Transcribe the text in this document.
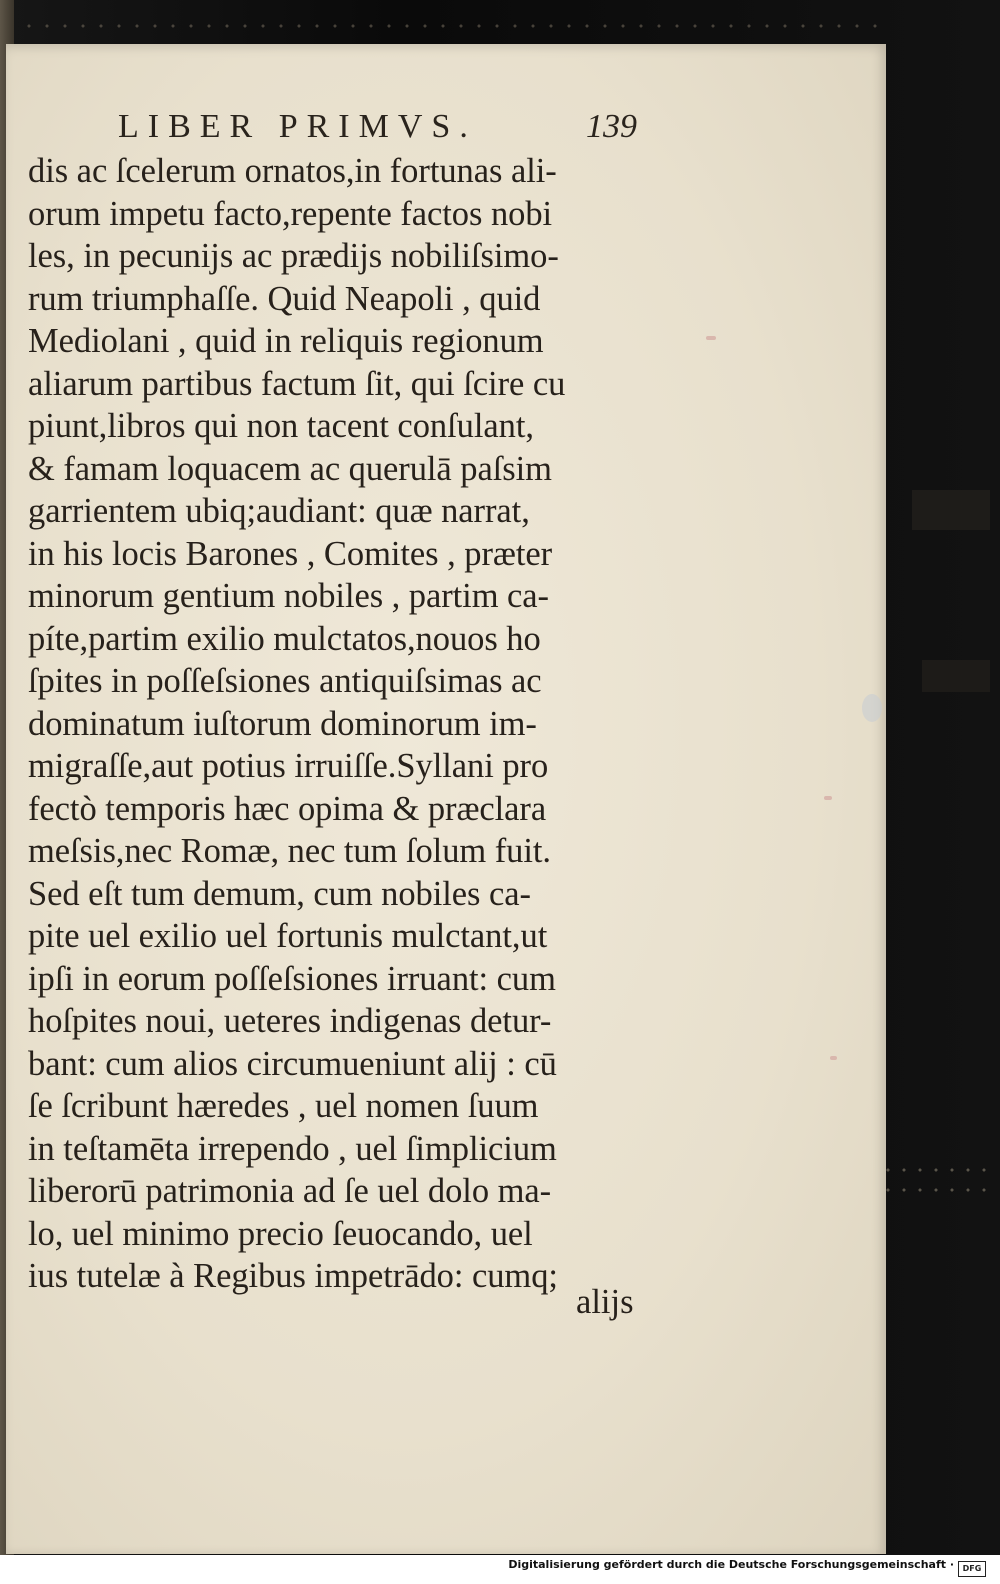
LIBER PRIMVS.	139
dis ac ſcelerum ornatos,in fortunas ali-
orum impetu facto,repente factos nobi
les, in pecunijs ac prædijs nobiliſsimo-
rum triumphaſſe. Quid Neapoli , quid
Mediolani , quid in reliquis regionum
aliarum partibus factum ſit, qui ſcire cu
piunt,libros qui non tacent conſulant,
& famam loquacem ac querulā paſsim
garrientem ubiq;audiant: quæ narrat,
in his locis Barones , Comites , præter
minorum gentium nobiles , partim ca-
píte,partim exilio mulctatos,nouos ho
ſpites in poſſeſsiones antiquiſsimas ac
dominatum iuſtorum dominorum im-
migraſſe,aut potius irruiſſe.Syllani pro
fectò temporis hæc opima & præclara
meſsis,nec Romæ, nec tum ſolum fuit.
Sed eſt tum demum, cum nobiles ca-
pite uel exilio uel fortunis mulctant,ut
ipſi in eorum poſſeſsiones irruant: cum
hoſpites noui, ueteres indigenas detur-
bant: cum alios circumueniunt alij : cū
ſe ſcribunt hæredes , uel nomen ſuum
in teſtamēta irrependo , uel ſimplicium
liberorū patrimonia ad ſe uel dolo ma-
lo, uel minimo precio ſeuocando, uel
ius tutelæ à Regibus impetrādo: cumq;
alijs
Digitalisierung gefördert durch die Deutsche Forschungsgemeinschaft ·	DFG
